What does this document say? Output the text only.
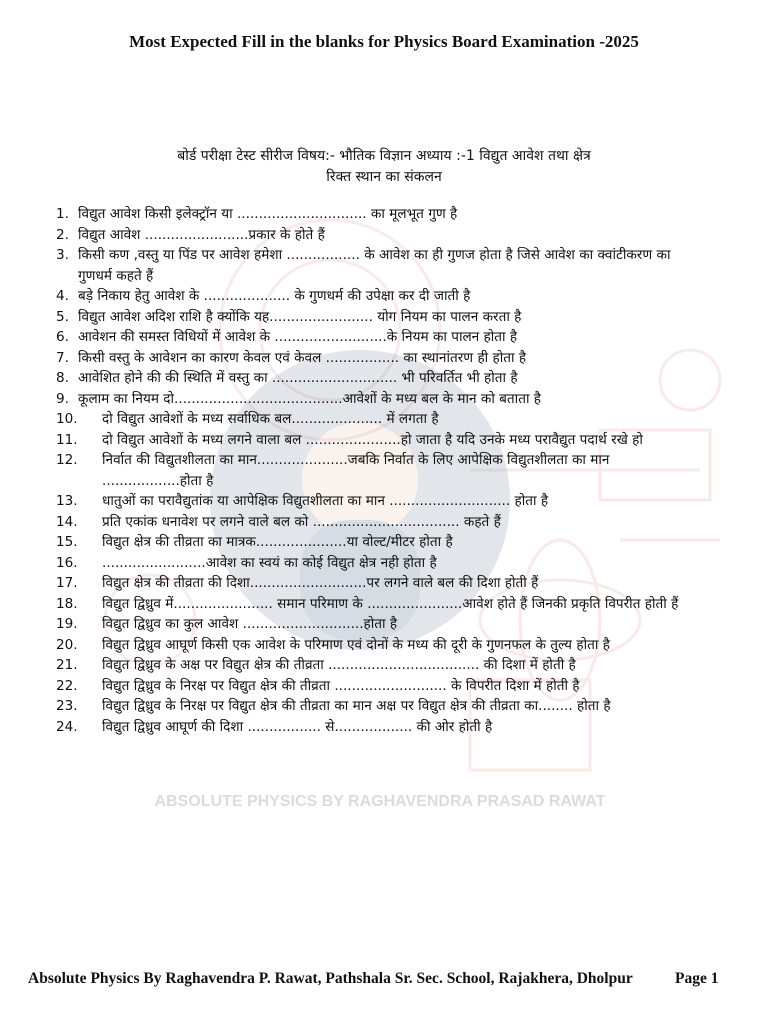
ABSOLUTE PHYSICS BY RAGHAVENDRA PRASAD RAWAT
Most Expected Fill in the blanks for Physics Board Examination -2025
बोर्ड परीक्षा टेस्ट सीरीज विषय:- भौतिक विज्ञान अध्याय :-1 विद्युत आवेश तथा क्षेत्र
रिक्त स्थान का संकलन
1. विद्युत आवेश किसी इलेक्ट्रॉन या .............................. का मूलभूत गुण है
2. विद्युत आवेश ........................प्रकार के होते हैं
3. किसी कण ,वस्तु या पिंड पर आवेश हमेशा ................. के आवेश का ही गुणज होता है जिसे आवेश का क्वांटीकरण का गुणधर्म कहते हैं
4. बड़े निकाय हेतु आवेश के .................... के गुणधर्म की उपेक्षा कर दी जाती है
5. विद्युत आवेश अदिश राशि है क्योंकि यह........................ योग नियम का पालन करता है
6. आवेशन की समस्त विधियों में आवेश के ..........................के नियम का पालन होता है
7. किसी वस्तु के आवेशन का कारण केवल एवं केवल ................. का स्थानांतरण ही होता है
8. आवेशित होने की की स्थिति में वस्तु का ............................. भी परिवर्तित भी होता है
9. कूलाम का नियम दो.......................................आवेशों के मध्य बल के मान को बताता है
10.	दो विद्युत आवेशों के मध्य सर्वाधिक बल..................... में लगता है
11.	दो विद्युत आवेशों के मध्य लगने वाला बल ......................हो जाता है यदि उनके मध्य परावैद्युत पदार्थ रखे हो
12.	निर्वात की विद्युतशीलता का मान.....................जबकि निर्वात के लिए आपेक्षिक विद्युतशीलता का मान ..................होता है
13.	धातुओं का परावैद्युतांक या आपेक्षिक विद्युतशीलता का मान ............................ होता है
14.	प्रति एकांक धनावेश पर लगने वाले बल को .................................. कहते हैं
15.	विद्युत क्षेत्र की तीव्रता का मात्रक.....................या वोल्ट/मीटर होता है
16.	........................आवेश का स्वयं का कोई विद्युत क्षेत्र नही होता है
17.	विद्युत क्षेत्र की तीव्रता की दिशा...........................पर लगने वाले बल की दिशा होती हैं
18.	विद्युत द्विध्रुव में....................... समान परिमाण के ......................आवेश होते हैं जिनकी प्रकृति विपरीत होती हैं
19.	विद्युत द्विध्रुव का कुल आवेश ............................होता है
20.	विद्युत द्विध्रुव आघूर्ण किसी एक आवेश के परिमाण एवं दोनों के मध्य की दूरी के गुणनफल के तुल्य होता है
21.	विद्युत द्विध्रुव के अक्ष पर विद्युत क्षेत्र की तीव्रता ................................... की दिशा में होती है
22.	विद्युत द्विध्रुव के निरक्ष पर विद्युत क्षेत्र की तीव्रता .......................... के विपरीत दिशा में होती है
23.	विद्युत द्विध्रुव के निरक्ष पर विद्युत क्षेत्र की तीव्रता का मान अक्ष पर विद्युत क्षेत्र की तीव्रता का........ होता है
24.	विद्युत द्विध्रुव आघूर्ण की दिशा ................. से.................. की ओर होती है
Absolute Physics By Raghavendra P. Rawat, Pathshala Sr. Sec. School, Rajakhera, Dholpur	Page 1
